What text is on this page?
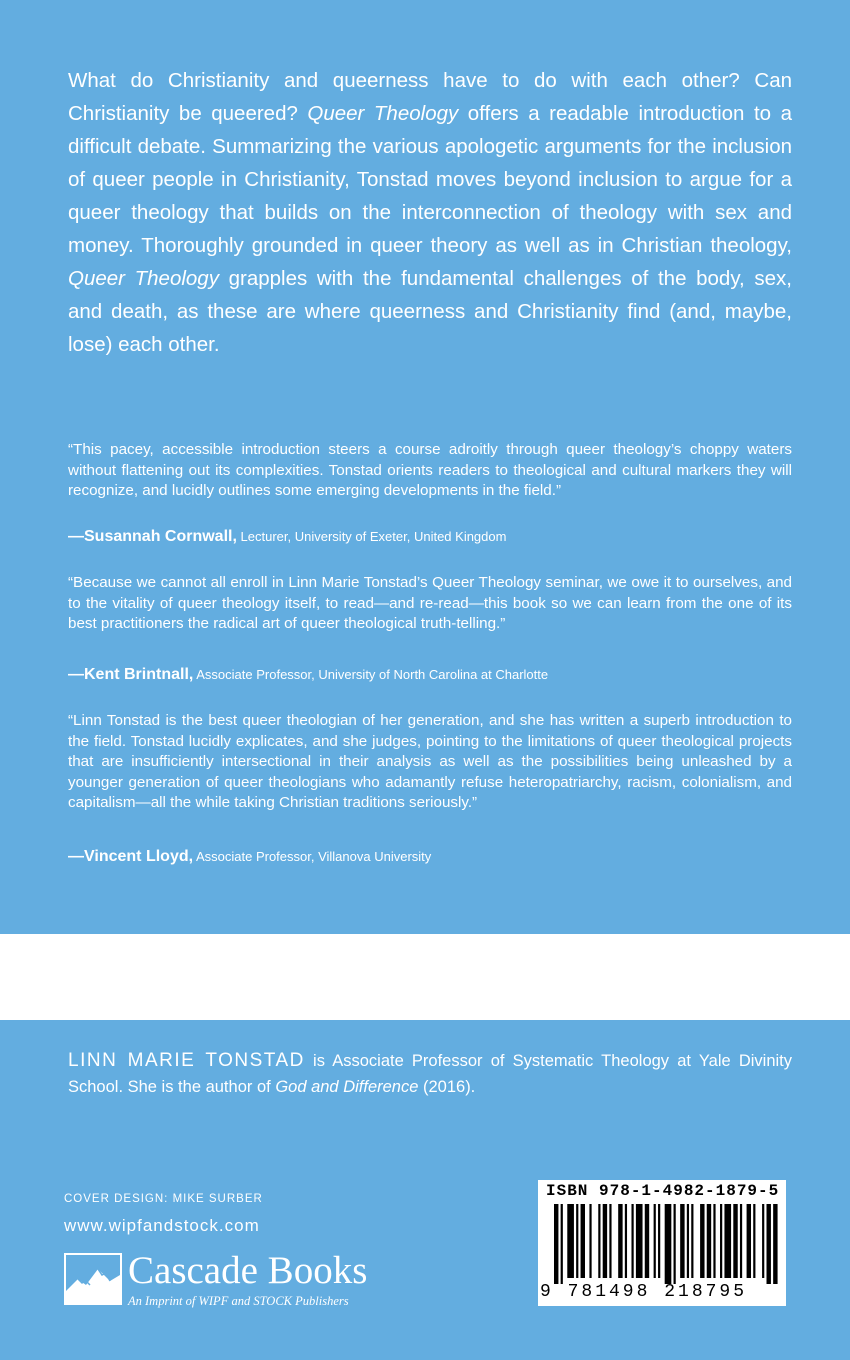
What do Christianity and queerness have to do with each other? Can Christianity be queered? Queer Theology offers a readable introduction to a difficult debate. Summarizing the various apologetic arguments for the inclusion of queer people in Christianity, Tonstad moves beyond inclusion to argue for a queer theology that builds on the interconnection of theology with sex and money. Thoroughly grounded in queer theory as well as in Christian theology, Queer Theology grapples with the fundamental challenges of the body, sex, and death, as these are where queerness and Christianity find (and, maybe, lose) each other.

“This pacey, accessible introduction steers a course adroitly through queer theology’s choppy waters without flattening out its complexities. Tonstad orients readers to theological and cultural markers they will recognize, and lucidly outlines some emerging developments in the field.”

—Susannah Cornwall, Lecturer, University of Exeter, United Kingdom

“Because we cannot all enroll in Linn Marie Tonstad’s Queer Theology seminar, we owe it to ourselves, and to the vitality of queer theology itself, to read—and re-read—this book so we can learn from the one of its best practitioners the radical art of queer theological truth-telling.”

—Kent Brintnall, Associate Professor, University of North Carolina at Charlotte

“Linn Tonstad is the best queer theologian of her generation, and she has written a superb introduction to the field. Tonstad lucidly explicates, and she judges, pointing to the limitations of queer theological projects that are insufficiently intersectional in their analysis as well as the possibilities being unleashed by a younger generation of queer theologians who adamantly refuse heteropatriarchy, racism, colonialism, and capitalism—all the while taking Christian traditions seriously.”

—Vincent Lloyd, Associate Professor, Villanova University

LINN MARIE TONSTAD is Associate Professor of Systematic Theology at Yale Divinity School. She is the author of God and Difference (2016).

COVER DESIGN: MIKE SURBER

www.wipfandstock.com

Cascade Books

An Imprint of WIPF and STOCK Publishers

ISBN 978-1-4982-1879-5

9 781498 218795
